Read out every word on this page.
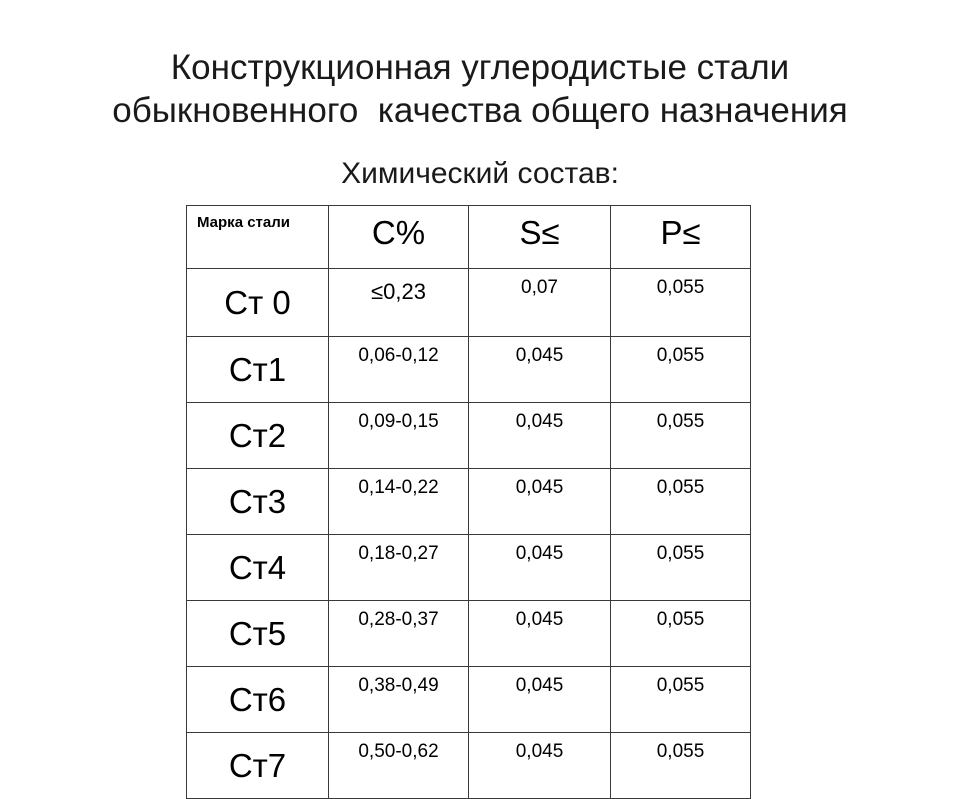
Конструкционная углеродистые стали
обыкновенного  качества общего назначения
Химический состав:
Марка стали	C%	S≤	P≤
Ст 0	≤0,23	0,07	0,055
Ст1	0,06-0,12	0,045	0,055
Ст2	0,09-0,15	0,045	0,055
Ст3	0,14-0,22	0,045	0,055
Ст4	0,18-0,27	0,045	0,055
Ст5	0,28-0,37	0,045	0,055
Ст6	0,38-0,49	0,045	0,055
Ст7	0,50-0,62	0,045	0,055
